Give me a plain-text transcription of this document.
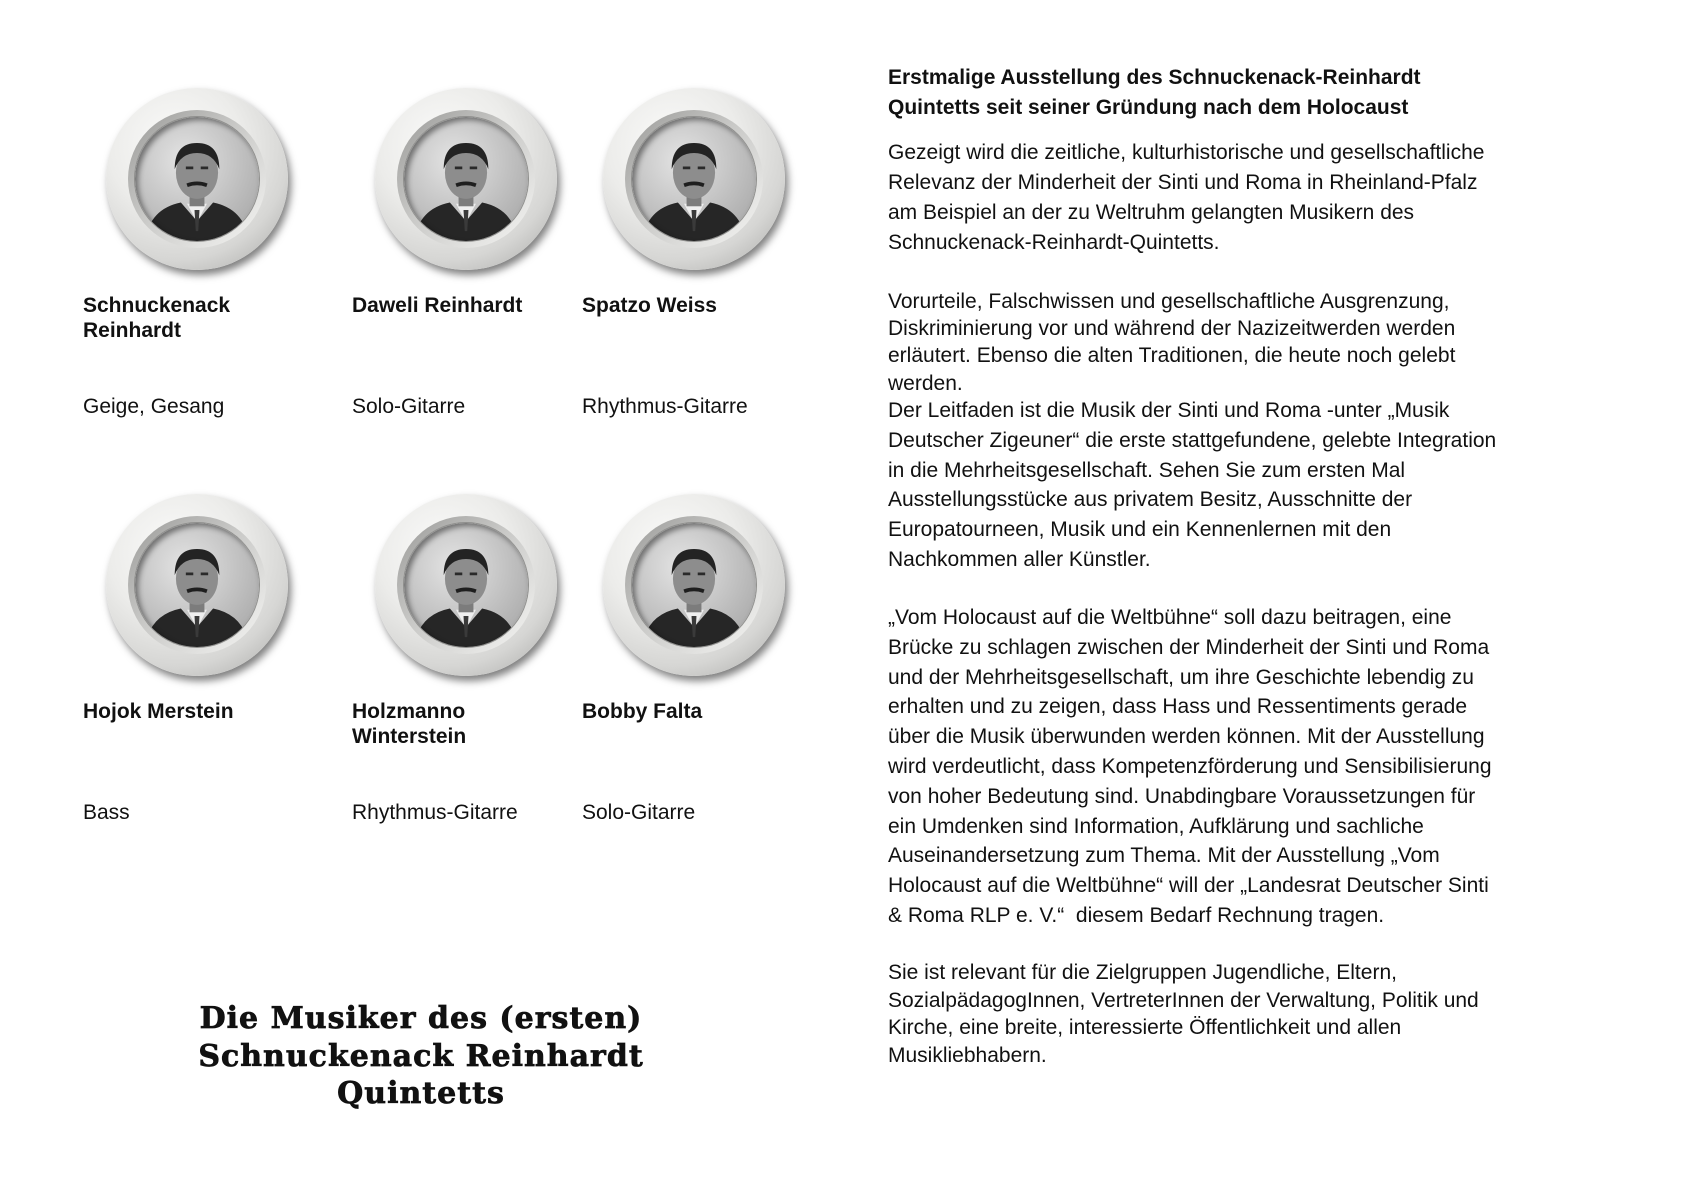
Schnuckenack Reinhardt
Geige, Gesang
Daweli Reinhardt
Solo-Gitarre
Spatzo Weiss
Rhythmus-Gitarre
Hojok Merstein
Bass
Holzmanno Winterstein
Rhythmus-Gitarre
Bobby Falta
Solo-Gitarre
Die Musiker des (ersten)
Schnuckenack Reinhardt
Quintetts
Erstmalige Ausstellung des Schnuckenack-Reinhardt
Quintetts seit seiner Gründung nach dem Holocaust
Gezeigt wird die zeitliche, kulturhistorische und gesellschaftliche
Relevanz der Minderheit der Sinti und Roma in Rheinland-Pfalz
am Beispiel an der zu Weltruhm gelangten Musikern des
Schnuckenack-Reinhardt-Quintetts.
Vorurteile, Falschwissen und gesellschaftliche Ausgrenzung,
Diskriminierung vor und während der Nazizeitwerden werden
erläutert. Ebenso die alten Traditionen, die heute noch gelebt
werden.
Der Leitfaden ist die Musik der Sinti und Roma -unter „Musik
Deutscher Zigeuner“ die erste stattgefundene, gelebte Integration
in die Mehrheitsgesellschaft. Sehen Sie zum ersten Mal
Ausstellungsstücke aus privatem Besitz, Ausschnitte der
Europatourneen, Musik und ein Kennenlernen mit den
Nachkommen aller Künstler.
„Vom Holocaust auf die Weltbühne“ soll dazu beitragen, eine
Brücke zu schlagen zwischen der Minderheit der Sinti und Roma
und der Mehrheitsgesellschaft, um ihre Geschichte lebendig zu
erhalten und zu zeigen, dass Hass und Ressentiments gerade
über die Musik überwunden werden können. Mit der Ausstellung
wird verdeutlicht, dass Kompetenzförderung und Sensibilisierung
von hoher Bedeutung sind. Unabdingbare Voraussetzungen für
ein Umdenken sind Information, Aufklärung und sachliche
Auseinandersetzung zum Thema. Mit der Ausstellung „Vom
Holocaust auf die Weltbühne“ will der „Landesrat Deutscher Sinti
& Roma RLP e. V.“  diesem Bedarf Rechnung tragen.
Sie ist relevant für die Zielgruppen Jugendliche, Eltern,
SozialpädagogInnen, VertreterInnen der Verwaltung, Politik und
Kirche, eine breite, interessierte Öffentlichkeit und allen
Musikliebhabern.
